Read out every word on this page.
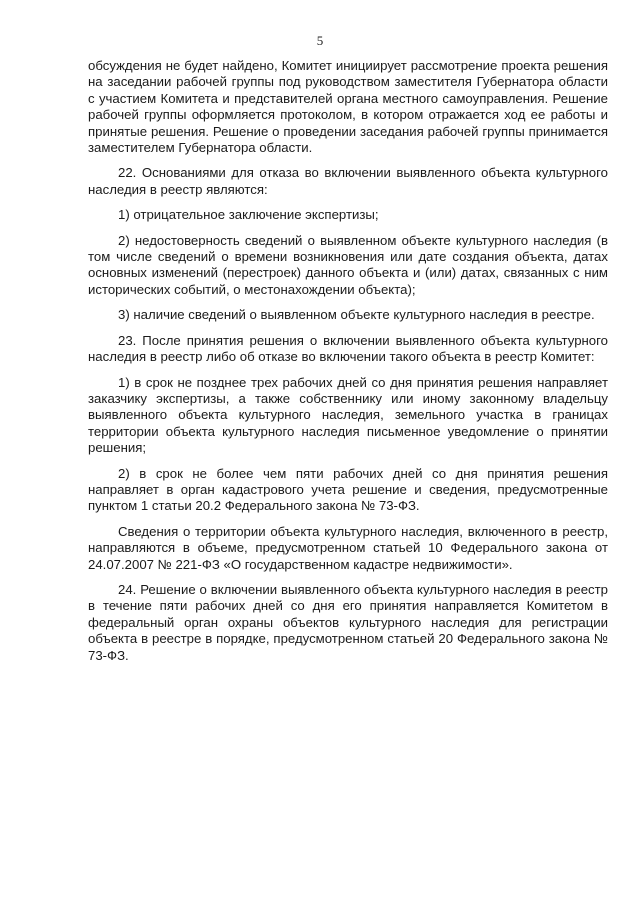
5

обсуждения не будет найдено, Комитет инициирует рассмотрение проекта решения на заседании рабочей группы под руководством заместителя Губернатора области с участием Комитета и представителей органа местного самоуправления. Решение рабочей группы оформляется протоколом, в котором отражается ход ее работы и принятые решения. Решение о проведении заседания рабочей группы принимается заместителем Губернатора области.

22. Основаниями для отказа во включении выявленного объекта культурного наследия в реестр являются:

1) отрицательное заключение экспертизы;

2) недостоверность сведений о выявленном объекте культурного наследия (в том числе сведений о времени возникновения или дате создания объекта, датах основных изменений (перестроек) данного объекта и (или) датах, связанных с ним исторических событий, о местонахождении объекта);

3) наличие сведений о выявленном объекте культурного наследия в реестре.

23. После принятия решения о включении выявленного объекта культурного наследия в реестр либо об отказе во включении такого объекта в реестр Комитет:

1) в срок не позднее трех рабочих дней со дня принятия решения направляет заказчику экспертизы, а также собственнику или иному законному владельцу выявленного объекта культурного наследия, земельного участка в границах территории объекта культурного наследия письменное уведомление о принятии решения;

2) в срок не более чем пяти рабочих дней со дня принятия решения направляет в орган кадастрового учета решение и сведения, предусмотренные пунктом 1 статьи 20.2 Федерального закона № 73-ФЗ.

Сведения о территории объекта культурного наследия, включенного в реестр, направляются в объеме, предусмотренном статьей 10 Федерального закона от 24.07.2007 № 221-ФЗ «О государственном кадастре недвижимости».

24. Решение о включении выявленного объекта культурного наследия в реестр в течение пяти рабочих дней со дня его принятия направляется Комитетом в федеральный орган охраны объектов культурного наследия для регистрации объекта в реестре в порядке, предусмотренном статьей 20 Федерального закона № 73-ФЗ.
